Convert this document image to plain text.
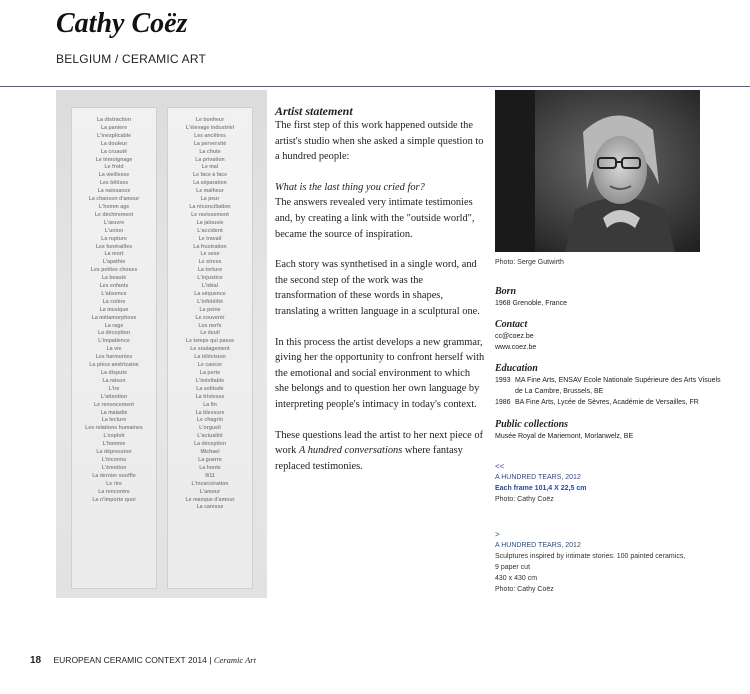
Cathy Coëz
BELGIUM / CERAMIC ART
La distraction
La paniere
L'inexplicable
La douleur
La cruauté
Le témoignage
Le froid
La vieillesse
Les bêtises
La naissance
La chanson d'amour
L'homm age
Le déchirement
L'œuvre
L'union
La rupture
Les funérailles
La mort
L'apathie
Les petites choses
La beauté
Les enfants
L'absence
La colère
La musique
La métamorphose
La rage
La déception
L'impatience
La vie
Les harmonies
La pièce américaine
La dispute
La raison
L'ire
L'attention
Le renoncement
La maladie
La lecture
Les relations humaines
L'exploit
L'homme
La dépression
L'inconnu
L'émotion
La dernier souffle
Le rire
La rencontre
La n'importe quoi
Le bonheur
L'élevage industriel
Les ancêtres
La perversité
La chute
La privation
Le mal
Le face à face
La séparation
Le malheur
La peur
La réconciliation
Le ravissement
La jalousie
L'accident
Le travail
La frustration
Le sexe
Le stress
La torture
L'injustice
L'idéal
La séquence
L'infidélité
La peine
Le souvenir
Les nerfs
Le deuil
Le temps qui passe
Le soulagement
La télévision
Le cancer
La perte
L'inévitable
La solitude
La tristesse
La fin
La blessure
Le chagrin
L'orgueil
L'actualité
La déception
Michael
La guerre
La honte
9/11
L'incarcération
L'amour
Le manque d'amour
La caresse
Artist statement

The first step of this work happened outside the artist's studio when she asked a simple question to a hundred people:

What is the last thing you cried for?

The answers revealed very intimate testimonies and, by creating a link with the "outside world", became the source of inspiration.

Each story was synthetised in a single word, and the second step of the work was the transformation of these words in shapes, translating a written language in a sculptural one.

In this process the artist develops a new grammar, giving her the opportunity to confront herself with the emotional and social environment to which she belongs and to question her own language by interpreting people's intimacy in today's context.

These questions lead the artist to her next piece of work A hundred conversations where fantasy replaced testimonies.

Photo: Serge Gutwirth
Born
1968 Grenoble, France
Contact
cc@coez.be
www.coez.be
Education
1993	MA Fine Arts, ENSAV Ecole Nationale Supérieure des Arts Visuels de La Cambre, Brussels, BE
1986	BA Fine Arts, Lycée de Sèvres, Académie de Versailles, FR
Public collections
Musée Royal de Mariemont, Morlanwelz, BE
<<
A HUNDRED TEARS, 2012
Each frame 101,4 X 22,5 cm
Photo: Cathy Coëz
>
A HUNDRED TEARS, 2012
Sculptures inspired by intimate stories: 100 painted ceramics,
9 paper cut
430 x 430 cm
Photo: Cathy Coëz
18 EUROPEAN CERAMIC CONTEXT 2014 | Ceramic Art
